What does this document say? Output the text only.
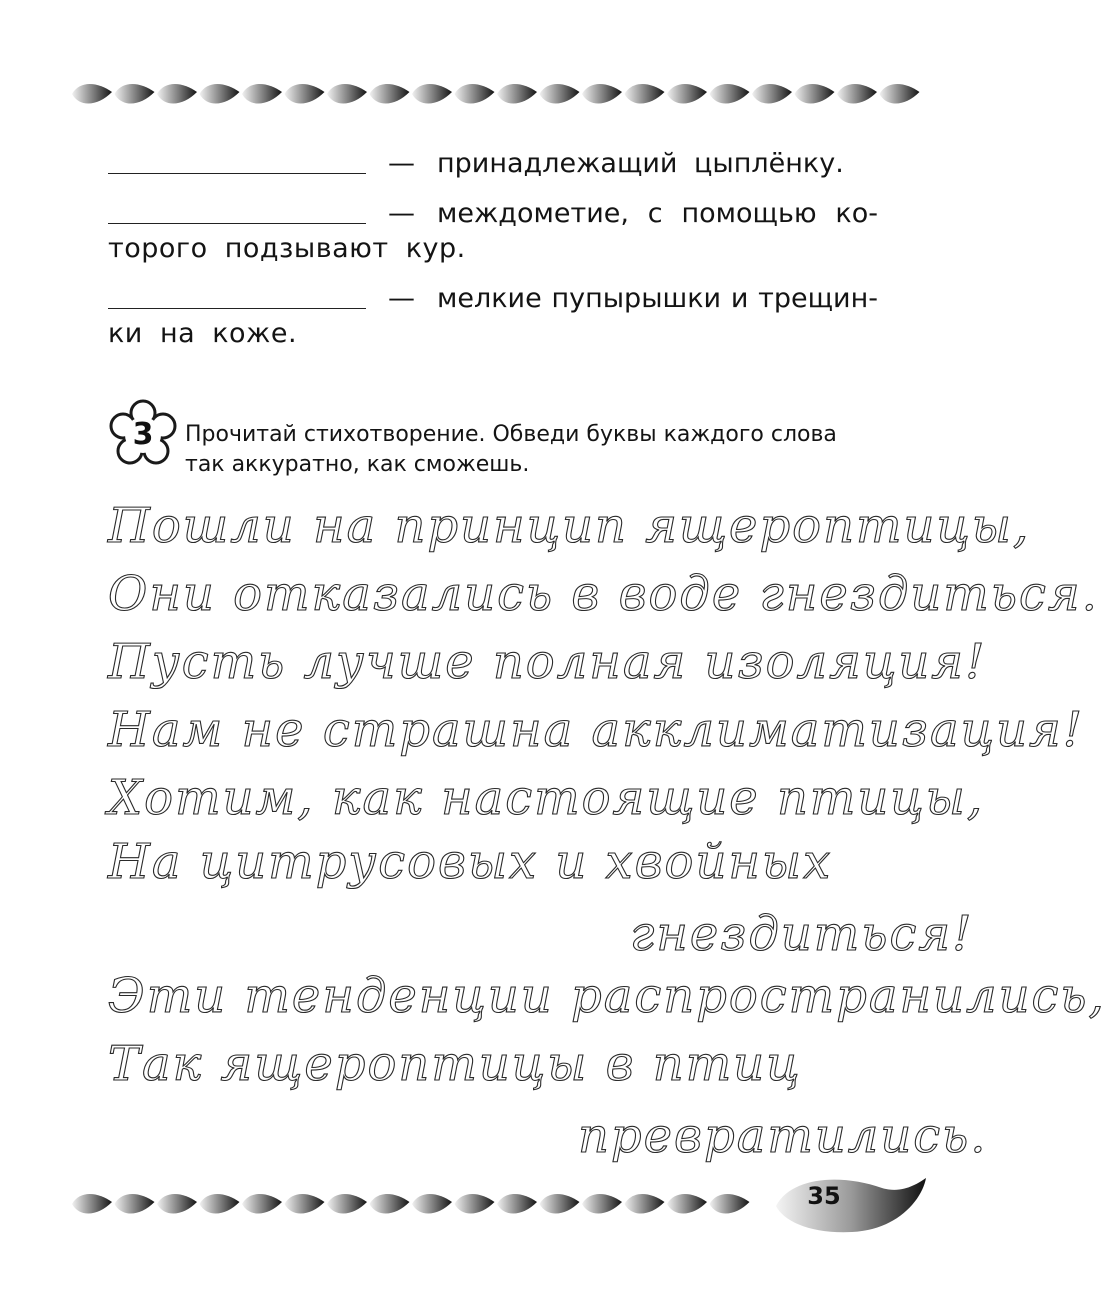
— принадлежащий цыплёнку.
— междометие, с помощью ко-
торого подзывают кур.
— мелкие пупырышки и трещин-
ки на коже.
3	Прочитай стихотворение. Обведи буквы каждого слова
так аккуратно, как сможешь.
Пошли на принцип ящероптицы,
Они отказались в воде гнездиться.
Пусть лучше полная изоляция!
Нам не страшна акклиматизация!
Хотим, как настоящие птицы,
На цитрусовых и хвойных
гнездиться!
Эти тенденции распространились,
Так ящероптицы в птиц
превратились.
35
